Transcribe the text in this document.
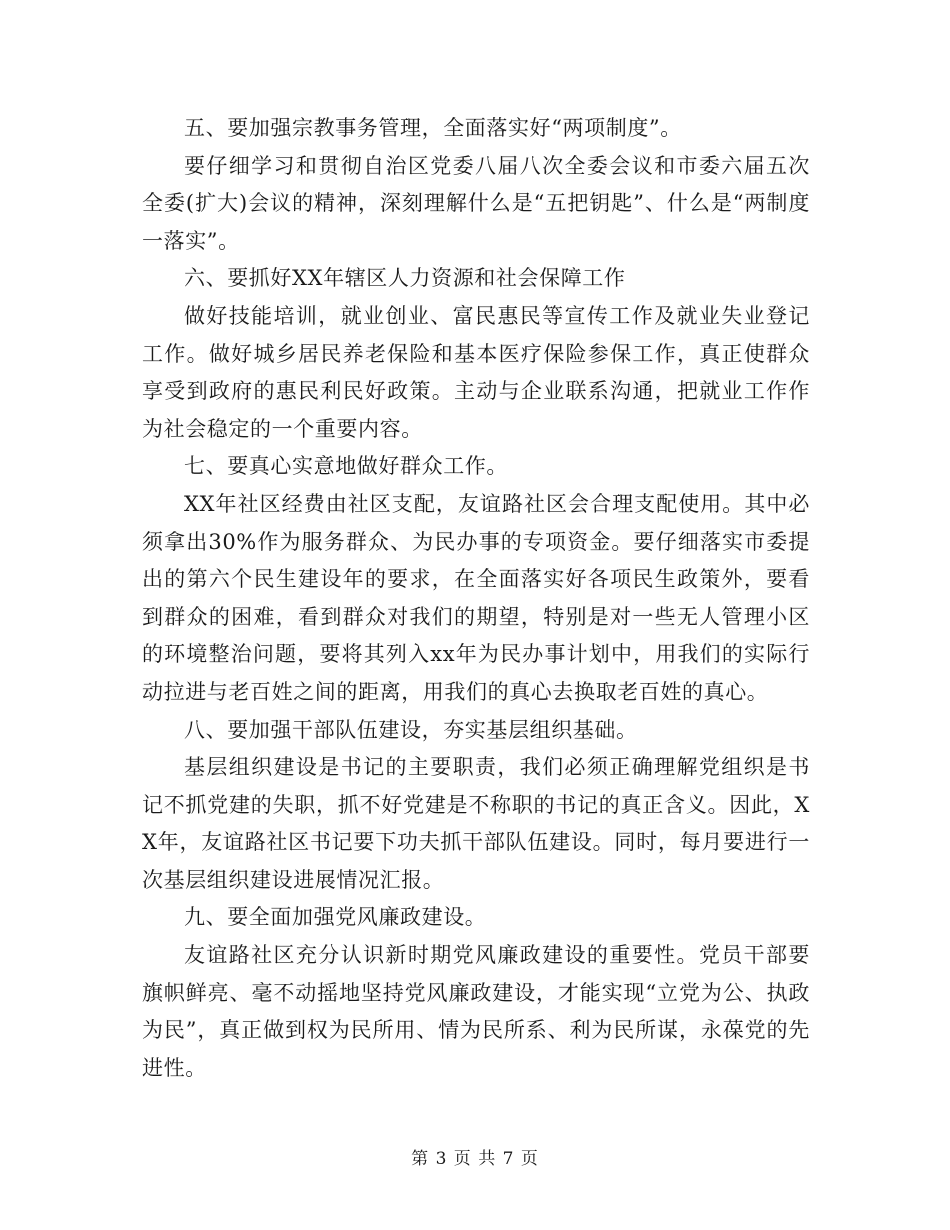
五、要加强宗教事务管理，全面落实好“两项制度”。

要仔细学习和贯彻自治区党委八届八次全委会议和市委六届五次全委(扩大)会议的精神，深刻理解什么是“五把钥匙”、什么是“两制度一落实”。

六、要抓好XX年辖区人力资源和社会保障工作

做好技能培训，就业创业、富民惠民等宣传工作及就业失业登记工作。做好城乡居民养老保险和基本医疗保险参保工作，真正使群众享受到政府的惠民利民好政策。主动与企业联系沟通，把就业工作作为社会稳定的一个重要内容。

七、要真心实意地做好群众工作。

XX年社区经费由社区支配，友谊路社区会合理支配使用。其中必须拿出30%作为服务群众、为民办事的专项资金。要仔细落实市委提出的第六个民生建设年的要求，在全面落实好各项民生政策外，要看到群众的困难，看到群众对我们的期望，特别是对一些无人管理小区的环境整治问题，要将其列入xx年为民办事计划中，用我们的实际行动拉进与老百姓之间的距离，用我们的真心去换取老百姓的真心。

八、要加强干部队伍建设，夯实基层组织基础。

基层组织建设是书记的主要职责，我们必须正确理解党组织是书记不抓党建的失职，抓不好党建是不称职的书记的真正含义。因此，XX年，友谊路社区书记要下功夫抓干部队伍建设。同时，每月要进行一次基层组织建设进展情况汇报。

九、要全面加强党风廉政建设。

友谊路社区充分认识新时期党风廉政建设的重要性。党员干部要旗帜鲜亮、毫不动摇地坚持党风廉政建设，才能实现“立党为公、执政为民”，真正做到权为民所用、情为民所系、利为民所谋，永葆党的先进性。

第 3 页 共 7 页
